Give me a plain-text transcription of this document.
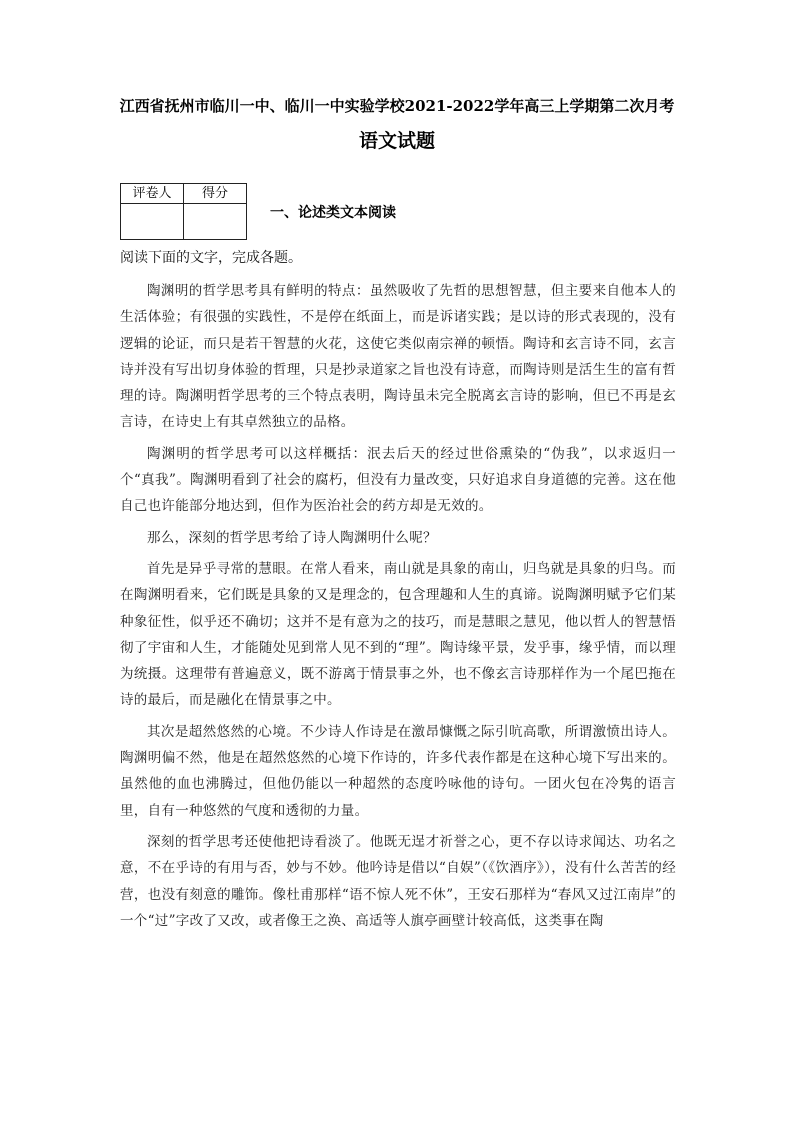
江西省抚州市临川一中、临川一中实验学校2021-2022学年高三上学期第二次月考
语文试题
评卷人	得分

一、论述类文本阅读

阅读下面的文字，完成各题。

陶渊明的哲学思考具有鲜明的特点：虽然吸收了先哲的思想智慧，但主要来自他本人的生活体验；有很强的实践性，不是停在纸面上，而是诉诸实践；是以诗的形式表现的，没有逻辑的论证，而只是若干智慧的火花，这使它类似南宗禅的顿悟。陶诗和玄言诗不同，玄言诗并没有写出切身体验的哲理，只是抄录道家之旨也没有诗意，而陶诗则是活生生的富有哲理的诗。陶渊明哲学思考的三个特点表明，陶诗虽未完全脱离玄言诗的影响，但已不再是玄言诗，在诗史上有其卓然独立的品格。

陶渊明的哲学思考可以这样概括：泯去后天的经过世俗熏染的“伪我”，以求返归一个“真我”。陶渊明看到了社会的腐朽，但没有力量改变，只好追求自身道德的完善。这在他自己也许能部分地达到，但作为医治社会的药方却是无效的。

那么，深刻的哲学思考给了诗人陶渊明什么呢？

首先是异乎寻常的慧眼。在常人看来，南山就是具象的南山，归鸟就是具象的归鸟。而在陶渊明看来，它们既是具象的又是理念的，包含理趣和人生的真谛。说陶渊明赋予它们某种象征性，似乎还不确切；这并不是有意为之的技巧，而是慧眼之慧见，他以哲人的智慧悟彻了宇宙和人生，才能随处见到常人见不到的“理”。陶诗缘平景，发乎事，缘乎情，而以理为统摄。这理带有普遍意义，既不游离于情景事之外，也不像玄言诗那样作为一个尾巴拖在诗的最后，而是融化在情景事之中。

其次是超然悠然的心境。不少诗人作诗是在激昂慷慨之际引吭高歌，所谓激愤出诗人。陶渊明偏不然，他是在超然悠然的心境下作诗的，许多代表作都是在这种心境下写出来的。虽然他的血也沸腾过，但他仍能以一种超然的态度吟咏他的诗句。一团火包在冷隽的语言里，自有一种悠然的气度和透彻的力量。

深刻的哲学思考还使他把诗看淡了。他既无逞才祈誉之心，更不存以诗求闻达、功名之意，不在乎诗的有用与否，妙与不妙。他吟诗是借以“自娱”（《饮酒序》），没有什么苦苦的经营，也没有刻意的雕饰。像杜甫那样“语不惊人死不休”，王安石那样为“春风又过江南岸”的一个“过”字改了又改，或者像王之涣、高适等人旗亭画壁计较高低，这类事在陶
